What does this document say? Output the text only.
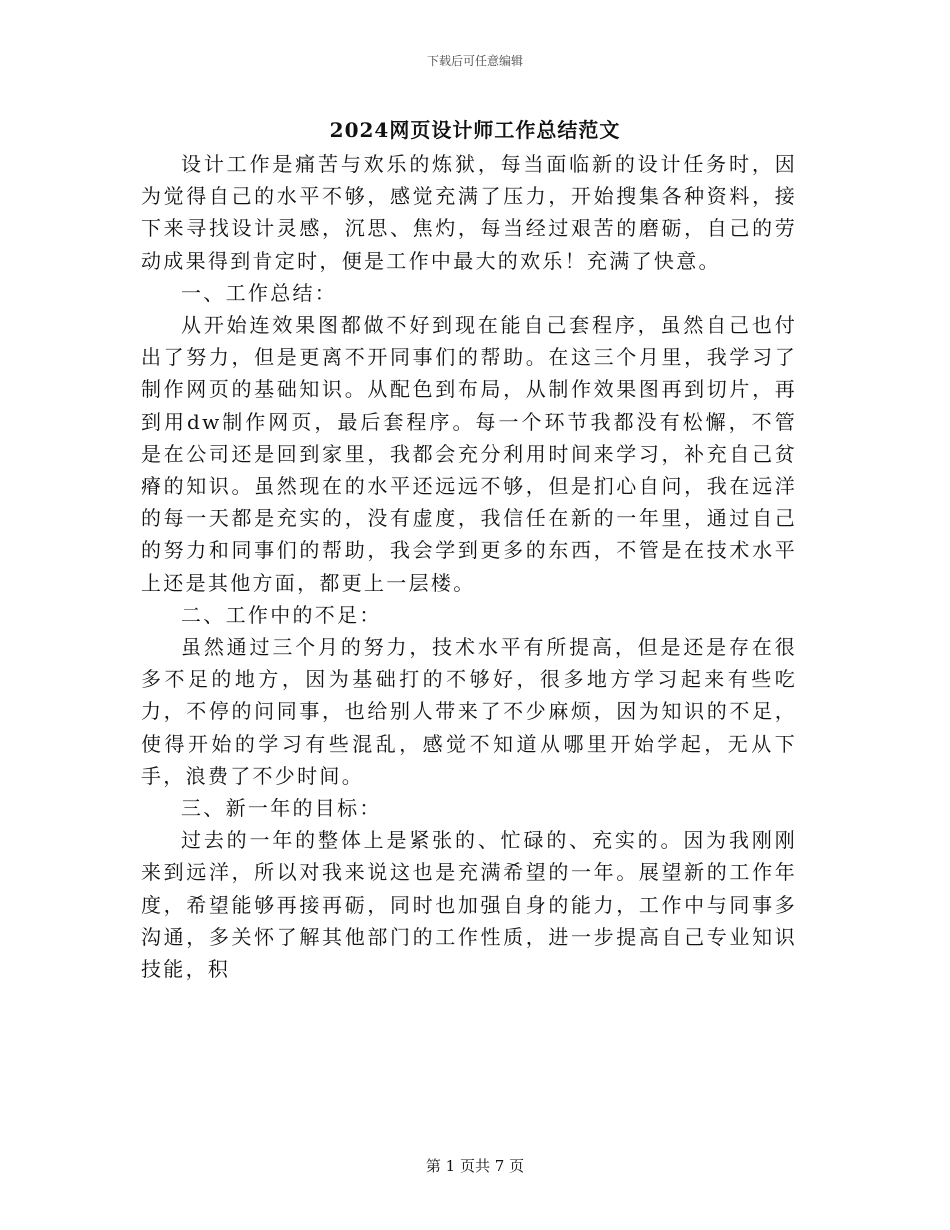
下载后可任意编辑
2024网页设计师工作总结范文

设计工作是痛苦与欢乐的炼狱，每当面临新的设计任务时，因为觉得自己的水平不够，感觉充满了压力，开始搜集各种资料，接下来寻找设计灵感，沉思、焦灼，每当经过艰苦的磨砺，自己的劳动成果得到肯定时，便是工作中最大的欢乐！充满了快意。

一、工作总结：

从开始连效果图都做不好到现在能自己套程序，虽然自己也付出了努力，但是更离不开同事们的帮助。在这三个月里，我学习了制作网页的基础知识。从配色到布局，从制作效果图再到切片，再到用dw制作网页，最后套程序。每一个环节我都没有松懈，不管是在公司还是回到家里，我都会充分利用时间来学习，补充自己贫瘠的知识。虽然现在的水平还远远不够，但是扪心自问，我在远洋的每一天都是充实的，没有虚度，我信任在新的一年里，通过自己的努力和同事们的帮助，我会学到更多的东西，不管是在技术水平上还是其他方面，都更上一层楼。

二、工作中的不足：

虽然通过三个月的努力，技术水平有所提高，但是还是存在很多不足的地方，因为基础打的不够好，很多地方学习起来有些吃力，不停的问同事，也给别人带来了不少麻烦，因为知识的不足，使得开始的学习有些混乱，感觉不知道从哪里开始学起，无从下手，浪费了不少时间。

三、新一年的目标：

过去的一年的整体上是紧张的、忙碌的、充实的。因为我刚刚来到远洋，所以对我来说这也是充满希望的一年。展望新的工作年度，希望能够再接再砺，同时也加强自身的能力，工作中与同事多沟通，多关怀了解其他部门的工作性质，进一步提高自己专业知识技能，积

第 1 页共 7 页
